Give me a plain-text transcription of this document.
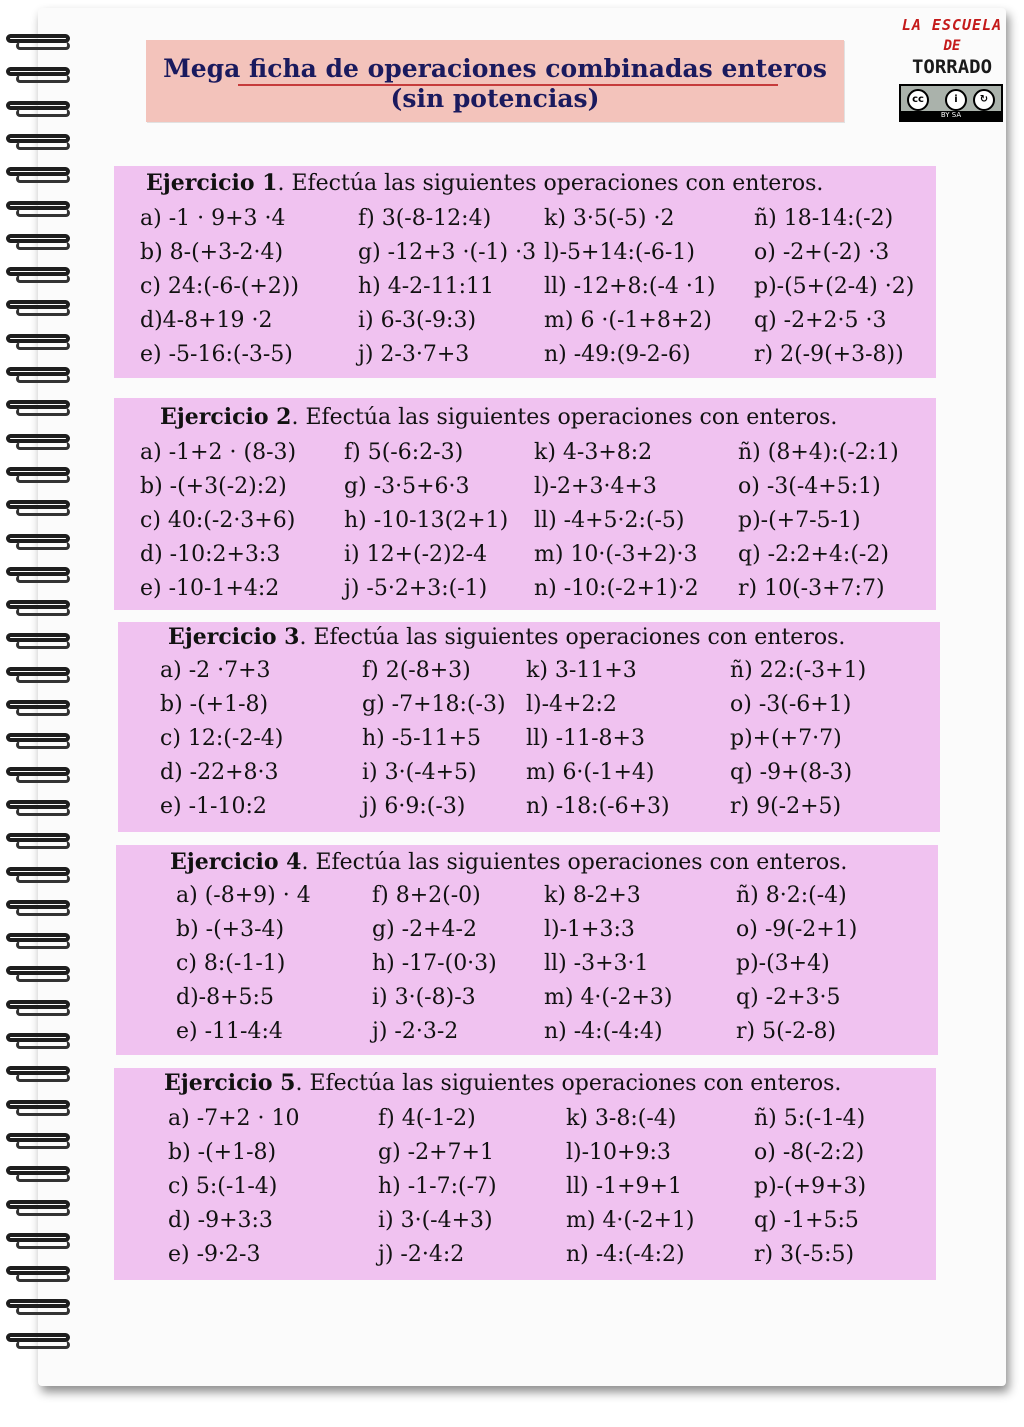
Mega ficha de operaciones combinadas enteros
(sin potencias)
LA ESCUELA
DE
TORRADO
cc	i	↻
BY SA
Ejercicio 1. Efectúa las siguientes operaciones con enteros.
a) -1 · 9+3 ·4
b) 8-(+3-2·4)
c) 24:(-6-(+2))
d)4-8+19 ·2
e) -5-16:(-3-5)
f) 3(-8-12:4)
g) -12+3 ·(-1) ·3
h) 4-2-11:11
i) 6-3(-9:3)
j) 2-3·7+3
k) 3·5(-5) ·2
l)-5+14:(-6-1)
ll) -12+8:(-4 ·1)
m) 6 ·(-1+8+2)
n) -49:(9-2-6)
ñ) 18-14:(-2)
o) -2+(-2) ·3
p)-(5+(2-4) ·2)
q) -2+2·5 ·3
r) 2(-9(+3-8))
Ejercicio 2. Efectúa las siguientes operaciones con enteros.
a) -1+2 · (8-3)
b) -(+3(-2):2)
c) 40:(-2·3+6)
d) -10:2+3:3
e) -10-1+4:2
f) 5(-6:2-3)
g) -3·5+6·3
h) -10-13(2+1)
i) 12+(-2)2-4
j) -5·2+3:(-1)
k) 4-3+8:2
l)-2+3·4+3
ll) -4+5·2:(-5)
m) 10·(-3+2)·3
n) -10:(-2+1)·2
ñ) (8+4):(-2:1)
o) -3(-4+5:1)
p)-(+7-5-1)
q) -2:2+4:(-2)
r) 10(-3+7:7)
Ejercicio 3. Efectúa las siguientes operaciones con enteros.
a) -2 ·7+3
b) -(+1-8)
c) 12:(-2-4)
d) -22+8·3
e) -1-10:2
f) 2(-8+3)
g) -7+18:(-3)
h) -5-11+5
i) 3·(-4+5)
j) 6·9:(-3)
k) 3-11+3
l)-4+2:2
ll) -11-8+3
m) 6·(-1+4)
n) -18:(-6+3)
ñ) 22:(-3+1)
o) -3(-6+1)
p)+(+7·7)
q) -9+(8-3)
r) 9(-2+5)
Ejercicio 4. Efectúa las siguientes operaciones con enteros.
a) (-8+9) · 4
b) -(+3-4)
c) 8:(-1-1)
d)-8+5:5
e) -11-4:4
f) 8+2(-0)
g) -2+4-2
h) -17-(0·3)
i) 3·(-8)-3
j) -2·3-2
k) 8-2+3
l)-1+3:3
ll) -3+3·1
m) 4·(-2+3)
n) -4:(-4:4)
ñ) 8·2:(-4)
o) -9(-2+1)
p)-(3+4)
q) -2+3·5
r) 5(-2-8)
Ejercicio 5. Efectúa las siguientes operaciones con enteros.
a) -7+2 · 10
b) -(+1-8)
c) 5:(-1-4)
d) -9+3:3
e) -9·2-3
f) 4(-1-2)
g) -2+7+1
h) -1-7:(-7)
i) 3·(-4+3)
j) -2·4:2
k) 3-8:(-4)
l)-10+9:3
ll) -1+9+1
m) 4·(-2+1)
n) -4:(-4:2)
ñ) 5:(-1-4)
o) -8(-2:2)
p)-(+9+3)
q) -1+5:5
r) 3(-5:5)
